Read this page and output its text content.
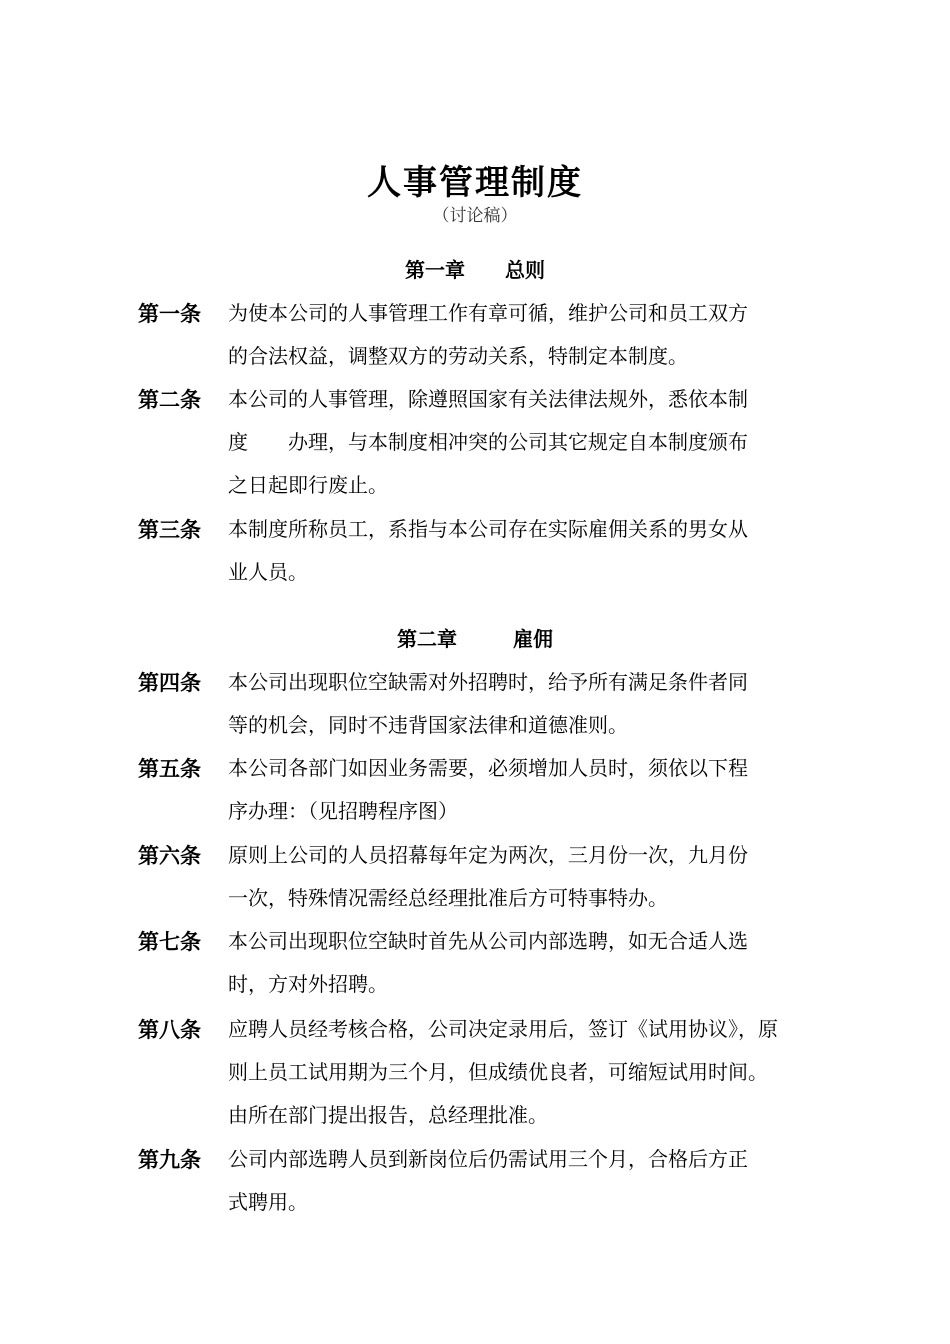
人事管理制度
（讨论稿）
第一章 总则
第一条 为使本公司的人事管理工作有章可循，维护公司和员工双方
的合法权益，调整双方的劳动关系，特制定本制度。
第二条 本公司的人事管理，除遵照国家有关法律法规外，悉依本制
度　　办理，与本制度相冲突的公司其它规定自本制度颁布
之日起即行废止。
第三条 本制度所称员工，系指与本公司存在实际雇佣关系的男女从
业人员。
第二章	雇佣
第四条 本公司出现职位空缺需对外招聘时，给予所有满足条件者同
等的机会，同时不违背国家法律和道德准则。
第五条 本公司各部门如因业务需要，必须增加人员时，须依以下程
序办理：（见招聘程序图）
第六条 原则上公司的人员招幕每年定为两次，三月份一次，九月份
一次，特殊情况需经总经理批准后方可特事特办。
第七条 本公司出现职位空缺时首先从公司内部选聘，如无合适人选
时，方对外招聘。
第八条 应聘人员经考核合格，公司决定录用后，签订《试用协议》，原
则上员工试用期为三个月，但成绩优良者，可缩短试用时间。
由所在部门提出报告，总经理批准。
第九条 公司内部选聘人员到新岗位后仍需试用三个月，合格后方正
式聘用。
